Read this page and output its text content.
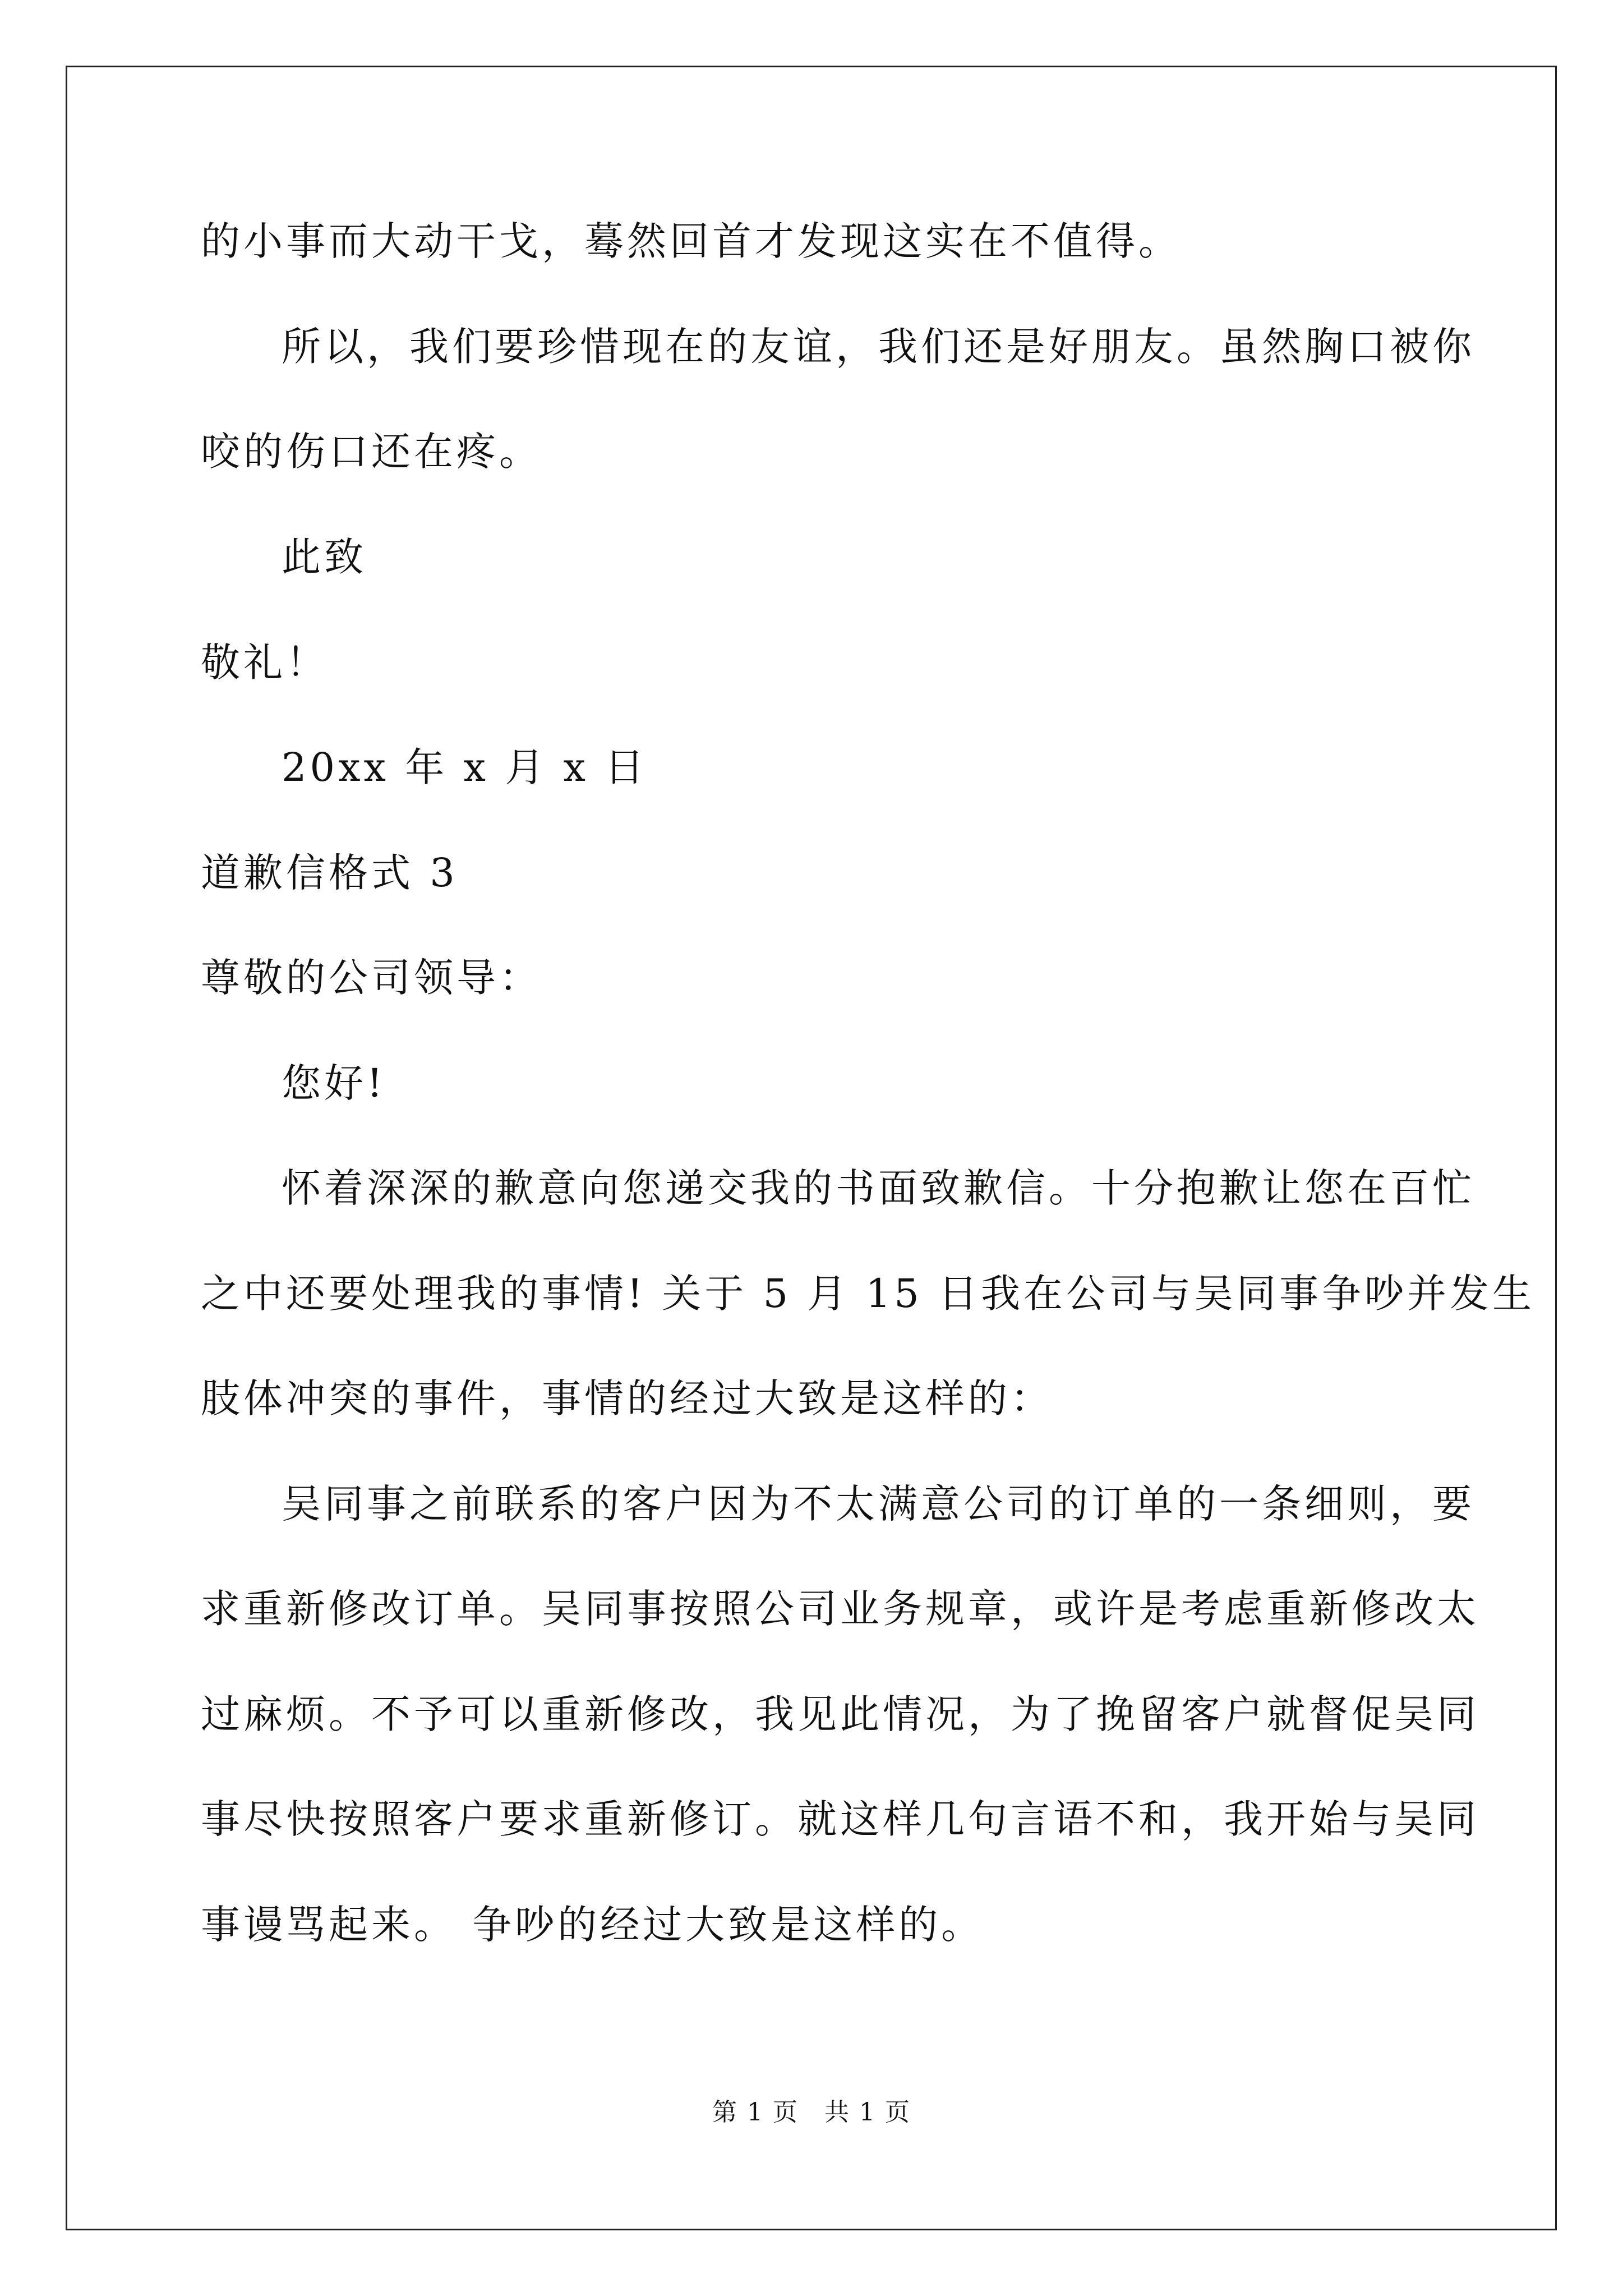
的小事而大动干戈，蓦然回首才发现这实在不值得。
所以，我们要珍惜现在的友谊，我们还是好朋友。虽然胸口被你
咬的伤口还在疼。
此致
敬礼！
20xx 年 x 月 x 日
道歉信格式 3
尊敬的公司领导：
您好!
怀着深深的歉意向您递交我的书面致歉信。十分抱歉让您在百忙
之中还要处理我的事情! 关于 5 月 15 日我在公司与吴同事争吵并发生
肢体冲突的事件，事情的经过大致是这样的：
吴同事之前联系的客户因为不太满意公司的订单的一条细则，要
求重新修改订单。吴同事按照公司业务规章，或许是考虑重新修改太
过麻烦。不予可以重新修改，我见此情况，为了挽留客户就督促吴同
事尽快按照客户要求重新修订。就这样几句言语不和，我开始与吴同
事谩骂起来。 争吵的经过大致是这样的。
第 1 页 共 1 页
